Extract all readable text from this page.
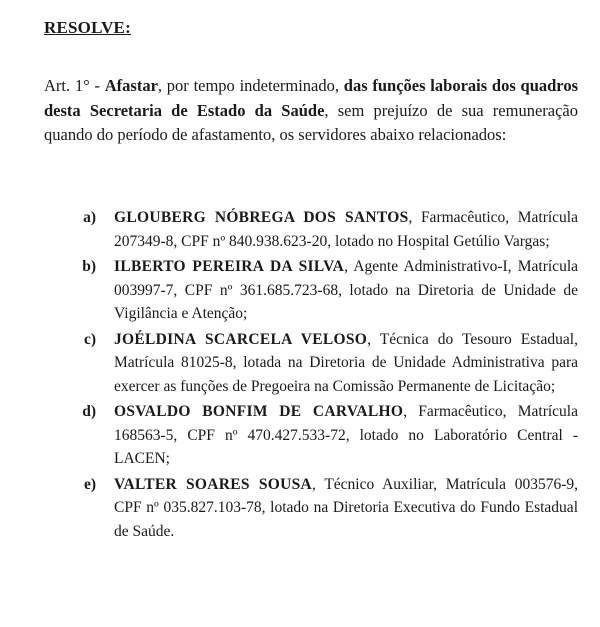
RESOLVE:

Art. 1° - Afastar, por tempo indeterminado, das funções laborais dos quadros desta Secretaria de Estado da Saúde, sem prejuízo de sua remuneração quando do período de afastamento, os servidores abaixo relacionados:

a) GLOUBERG NÓBREGA DOS SANTOS, Farmacêutico, Matrícula 207349-8, CPF nº 840.938.623-20, lotado no Hospital Getúlio Vargas;
b) ILBERTO PEREIRA DA SILVA, Agente Administrativo-I, Matrícula 003997-7, CPF nº 361.685.723-68, lotado na Diretoria de Unidade de Vigilância e Atenção;
c) JOÉLDINA SCARCELA VELOSO, Técnica do Tesouro Estadual, Matrícula 81025-8, lotada na Diretoria de Unidade Administrativa para exercer as funções de Pregoeira na Comissão Permanente de Licitação;
d) OSVALDO BONFIM DE CARVALHO, Farmacêutico, Matrícula 168563-5, CPF nº 470.427.533-72, lotado no Laboratório Central - LACEN;
e) VALTER SOARES SOUSA, Técnico Auxiliar, Matrícula 003576-9, CPF nº 035.827.103-78, lotado na Diretoria Executiva do Fundo Estadual de Saúde.
